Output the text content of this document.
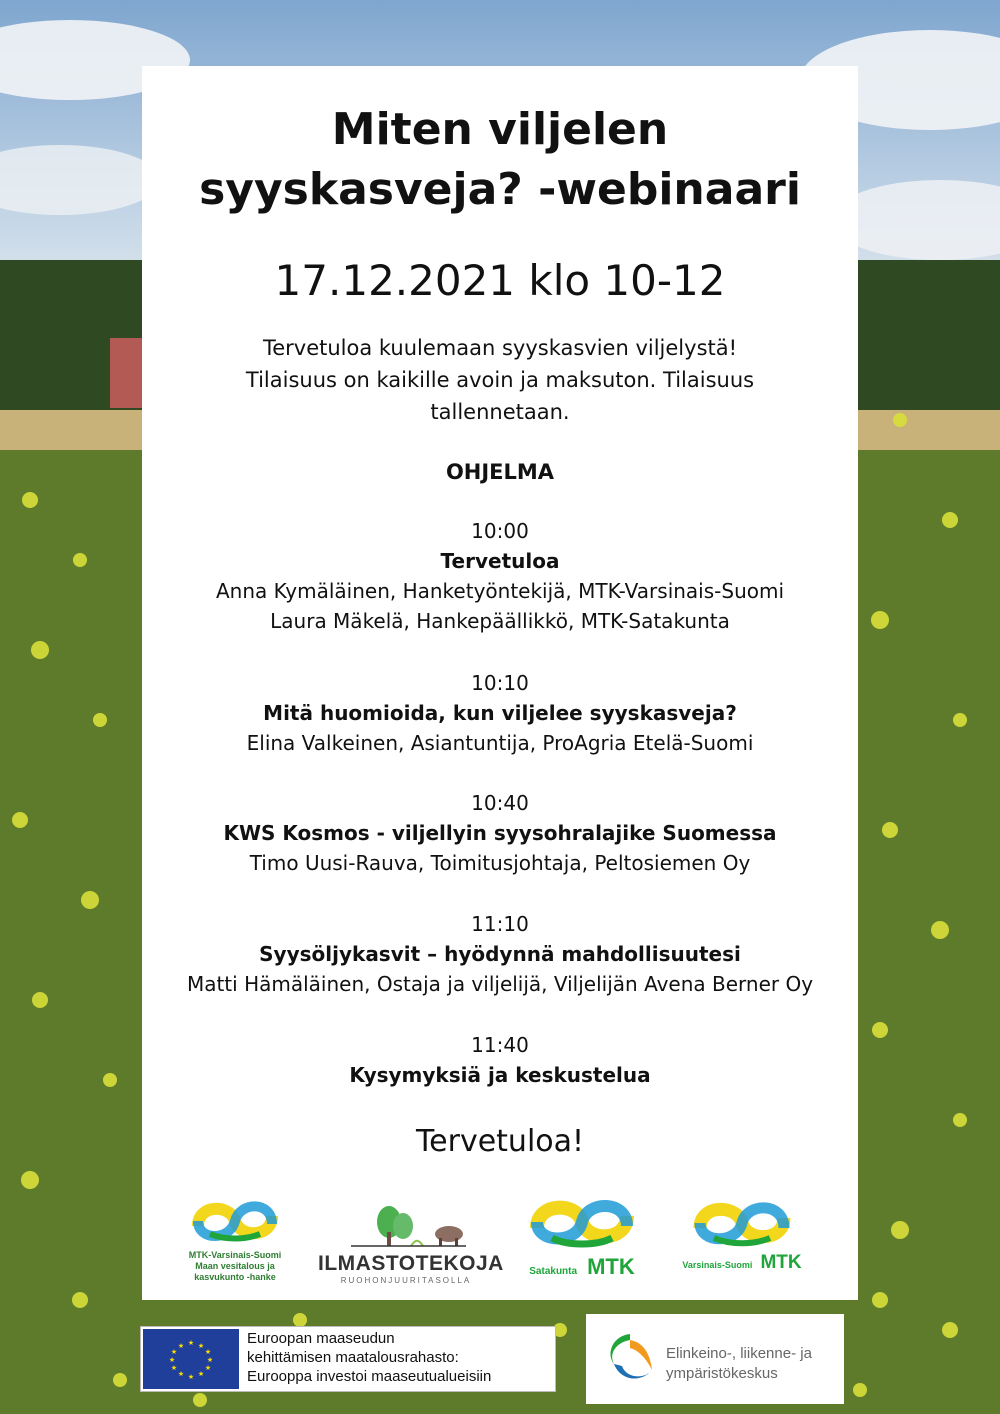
Miten viljelen
syyskasveja? -webinaari
17.12.2021 klo 10-12
Tervetuloa kuulemaan syyskasvien viljelystä!
Tilaisuus on kaikille avoin ja maksuton. Tilaisuus
tallennetaan.
OHJELMA
10:00
Tervetuloa
Anna Kymäläinen, Hanketyöntekijä, MTK-Varsinais-Suomi
Laura Mäkelä, Hankepäällikkö, MTK-Satakunta
10:10
Mitä huomioida, kun viljelee syyskasveja?
Elina Valkeinen, Asiantuntija, ProAgria Etelä-Suomi
10:40
KWS Kosmos - viljellyin syysohralajike Suomessa
Timo Uusi-Rauva, Toimitusjohtaja, Peltosiemen Oy
11:10
Syysöljykasvit – hyödynnä mahdollisuutesi
Matti Hämäläinen, Ostaja ja viljelijä, Viljelijän Avena Berner Oy
11:40
Kysymyksiä ja keskustelua
Tervetuloa!
MTK-Varsinais-Suomi
Maan vesitalous ja
kasvukunto -hanke
ILMASTOTEKOJA
RUOHONJUURITASOLLA
Satakunta MTK	Varsinais-Suomi MTK
★ ★
★
★
★
★
★
★
★
★
★
★	Euroopan maaseudun
kehittämisen maatalousrahasto:
Eurooppa investoi maaseutualueisiin
Elinkeino-, liikenne- ja
ympäristökeskus
